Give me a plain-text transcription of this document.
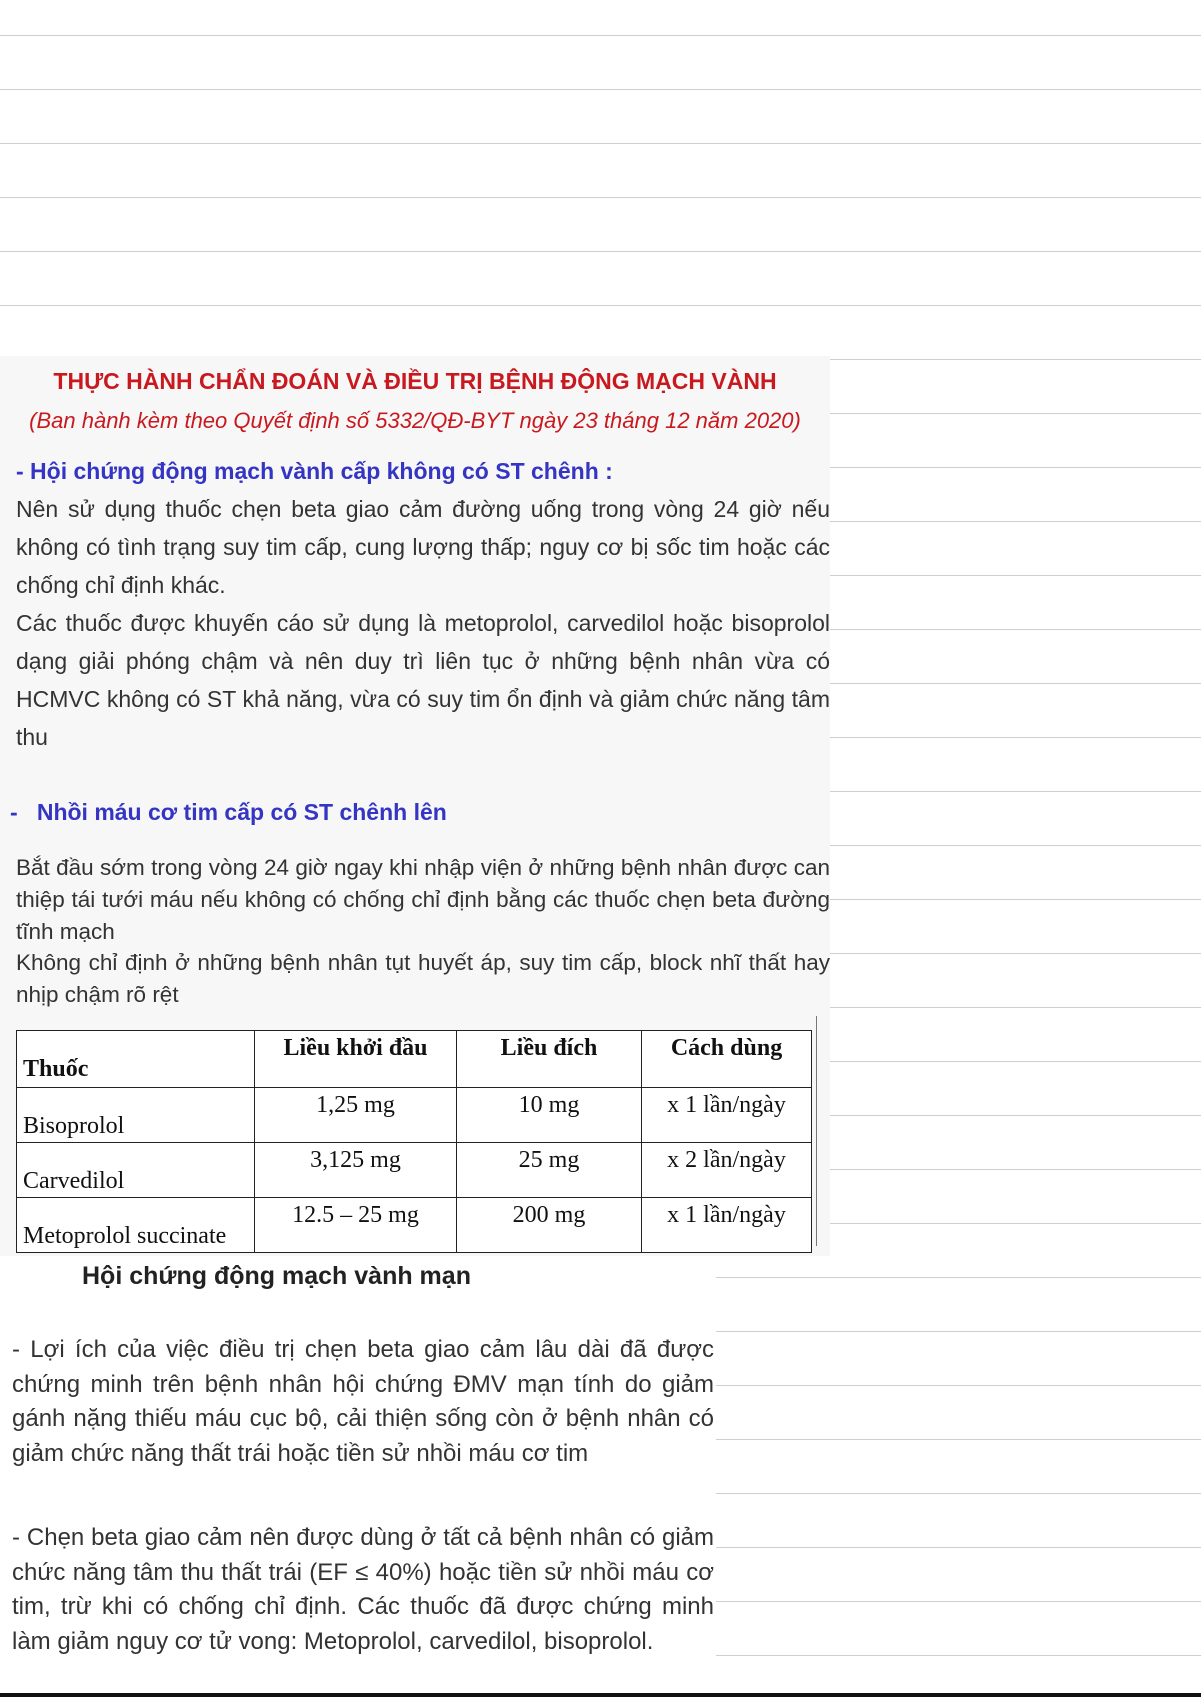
THỰC HÀNH CHẨN ĐOÁN VÀ ĐIỀU TRỊ BỆNH ĐỘNG MẠCH VÀNH
(Ban hành kèm theo Quyết định số 5332/QĐ-BYT ngày 23 tháng 12 năm 2020)
- Hội chứng động mạch vành cấp không có ST chênh :
Nên sử dụng thuốc chẹn beta giao cảm đường uống trong vòng 24 giờ nếu không có tình trạng suy tim cấp, cung lượng thấp; nguy cơ bị sốc tim hoặc các chống chỉ định khác.
Các thuốc được khuyến cáo sử dụng là metoprolol, carvedilol hoặc bisoprolol dạng giải phóng chậm và nên duy trì liên tục ở những bệnh nhân vừa có HCMVC không có ST khả năng, vừa có suy tim ổn định và giảm chức năng tâm thu
-   Nhồi máu cơ tim cấp có ST chênh lên
Bắt đầu sớm trong vòng 24 giờ ngay khi nhập viện ở những bệnh nhân được can thiệp tái tưới máu nếu không có chống chỉ định bằng các thuốc chẹn beta đường tĩnh mạch
Không chỉ định ở những bệnh nhân tụt huyết áp, suy tim cấp, block nhĩ thất hay nhịp chậm rõ rệt
Thuốc	Liều khởi đầu	Liều đích	Cách dùng
Bisoprolol	1,25 mg	10 mg	x 1 lần/ngày
Carvedilol	3,125 mg	25 mg	x 2 lần/ngày
Metoprolol succinate	12.5 – 25 mg	200 mg	x 1 lần/ngày
Hội chứng động mạch vành mạn
- Lợi ích của việc điều trị chẹn beta giao cảm lâu dài đã được chứng minh trên bệnh nhân hội chứng ĐMV mạn tính do giảm gánh nặng thiếu máu cục bộ, cải thiện sống còn ở bệnh nhân có giảm chức năng thất trái hoặc tiền sử nhồi máu cơ tim
- Chẹn beta giao cảm nên được dùng ở tất cả bệnh nhân có giảm chức năng tâm thu thất trái (EF ≤ 40%) hoặc tiền sử nhồi máu cơ tim, trừ khi có chống chỉ định. Các thuốc đã được chứng minh làm giảm nguy cơ tử vong: Metoprolol, carvedilol, bisoprolol.
